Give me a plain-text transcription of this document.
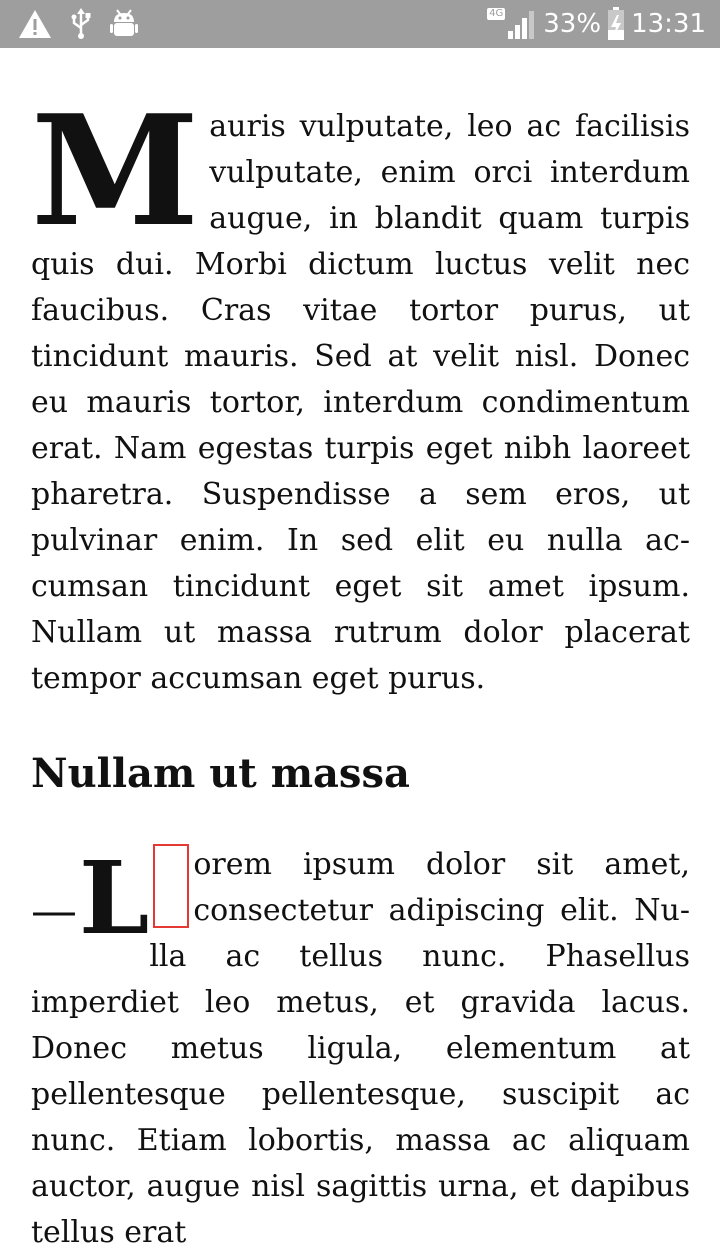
4G 33% 13:31

M auris vulputate, leo ac facilisis vulputate, enim orci interdum augue, in blandit quam turpis quis dui. Morbi dictum luctus velit nec faucibus. Cras vitae tortor purus, ut tincidunt mauris. Sed at velit nisl. Donec eu mauris tortor, interdum condimentum erat. Nam egestas turpis eget nibh laoreet pharetra. Suspendisse a sem eros, ut pulvinar enim. In sed elit eu nulla accumsan tincidunt eget sit amet ipsum. Nullam ut massa rutrum dolor placerat tempor accumsan eget purus.

Nullam ut massa

— L orem ipsum dolor sit amet, consectetur adipiscing elit. Nulla ac tellus nunc. Phasellus imperdiet leo metus, et gravida lacus. Donec metus ligula, elementum at pellentesque pellentesque, suscipit ac nunc. Etiam lobortis, massa ac aliquam auctor, augue nisl sagittis urna, et dapibus tellus erat
